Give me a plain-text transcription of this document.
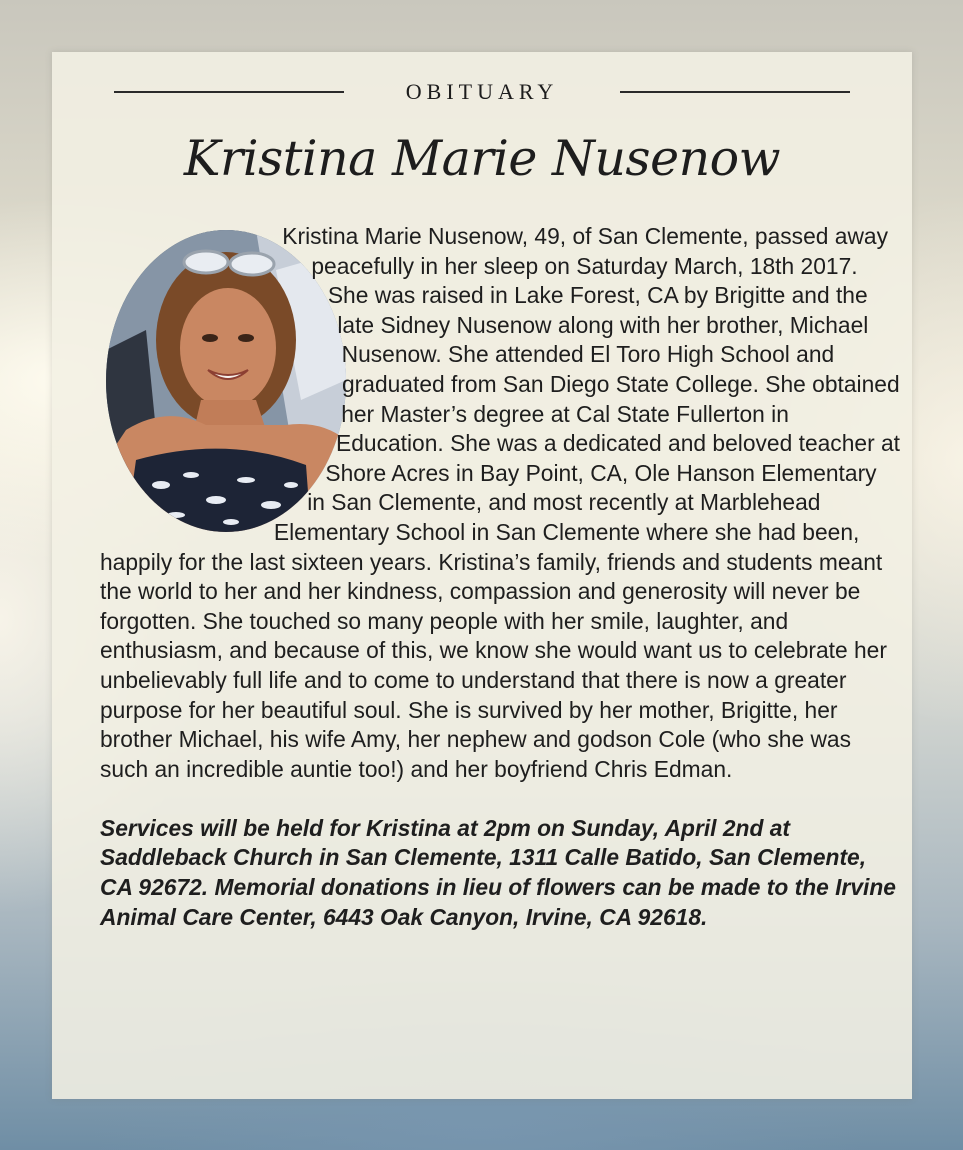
OBITUARY
Kristina Marie Nusenow

Kristina Marie Nusenow, 49, of San Clemente, passed away peacefully in her sleep on Saturday March, 18th 2017. She was raised in Lake Forest, CA by Brigitte and the late Sidney Nusenow along with her brother, Michael Nusenow. She attended El Toro High School and graduated from San Diego State College. She obtained her Master’s degree at Cal State Fullerton in Education. She was a dedicated and beloved teacher at Shore Acres in Bay Point, CA, Ole Hanson Elementary in San Clemente, and most recently at Marblehead Elementary School in San Clemente where she had been, happily for the last sixteen years. Kristina’s family, friends and students meant the world to her and her kindness, compassion and generosity will never be forgotten. She touched so many people with her smile, laughter, and enthusiasm, and because of this, we know she would want us to celebrate her unbelievably full life and to come to understand that there is now a greater purpose for her beautiful soul. She is survived by her mother, Brigitte, her brother Michael, his wife Amy, her nephew and godson Cole (who she was such an incredible auntie too!) and her boyfriend Chris Edman.

Services will be held for Kristina at 2pm on Sunday, April 2nd at Saddleback Church in San Clemente, 1311 Calle Batido, San Clemente, CA 92672. Memorial donations in lieu of flowers can be made to the Irvine Animal Care Center, 6443 Oak Canyon, Irvine, CA 92618.
